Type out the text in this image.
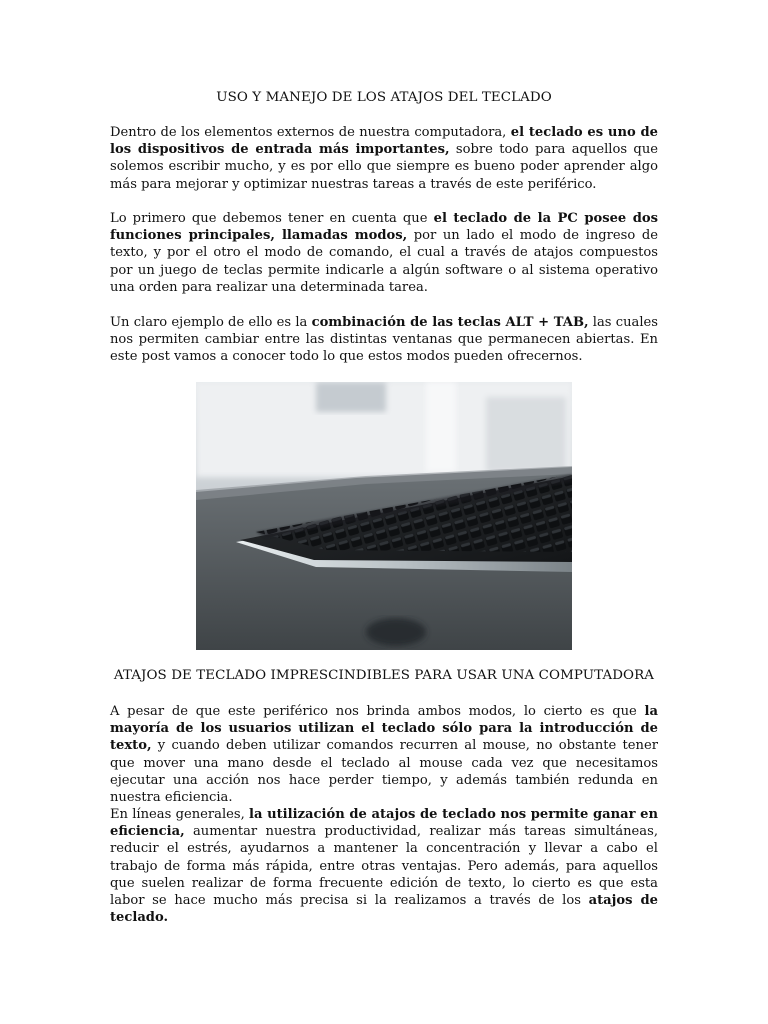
USO Y MANEJO DE LOS ATAJOS DEL TECLADO

Dentro de los elementos externos de nuestra computadora, el teclado es uno de los dispositivos de entrada más importantes, sobre todo para aquellos que solemos escribir mucho, y es por ello que siempre es bueno poder aprender algo más para mejorar y optimizar nuestras tareas a través de este periférico.

Lo primero que debemos tener en cuenta que el teclado de la PC posee dos funciones principales, llamadas modos, por un lado el modo de ingreso de texto, y por el otro el modo de comando, el cual a través de atajos compuestos por un juego de teclas permite indicarle a algún software o al sistema operativo una orden para realizar una determinada tarea.

Un claro ejemplo de ello es la combinación de las teclas ALT + TAB, las cuales nos permiten cambiar entre las distintas ventanas que permanecen abiertas. En este post vamos a conocer todo lo que estos modos pueden ofrecernos.

ATAJOS DE TECLADO IMPRESCINDIBLES PARA USAR UNA COMPUTADORA

A pesar de que este periférico nos brinda ambos modos, lo cierto es que la mayoría de los usuarios utilizan el teclado sólo para la introducción de texto, y cuando deben utilizar comandos recurren al mouse, no obstante tener que mover una mano desde el teclado al mouse cada vez que necesitamos ejecutar una acción nos hace perder tiempo, y además también redunda en nuestra eficiencia.

En líneas generales, la utilización de atajos de teclado nos permite ganar en eficiencia, aumentar nuestra productividad, realizar más tareas simultáneas, reducir el estrés, ayudarnos a mantener la concentración y llevar a cabo el trabajo de forma más rápida, entre otras ventajas. Pero además, para aquellos que suelen realizar de forma frecuente edición de texto, lo cierto es que esta labor se hace mucho más precisa si la realizamos a través de los atajos de teclado.
